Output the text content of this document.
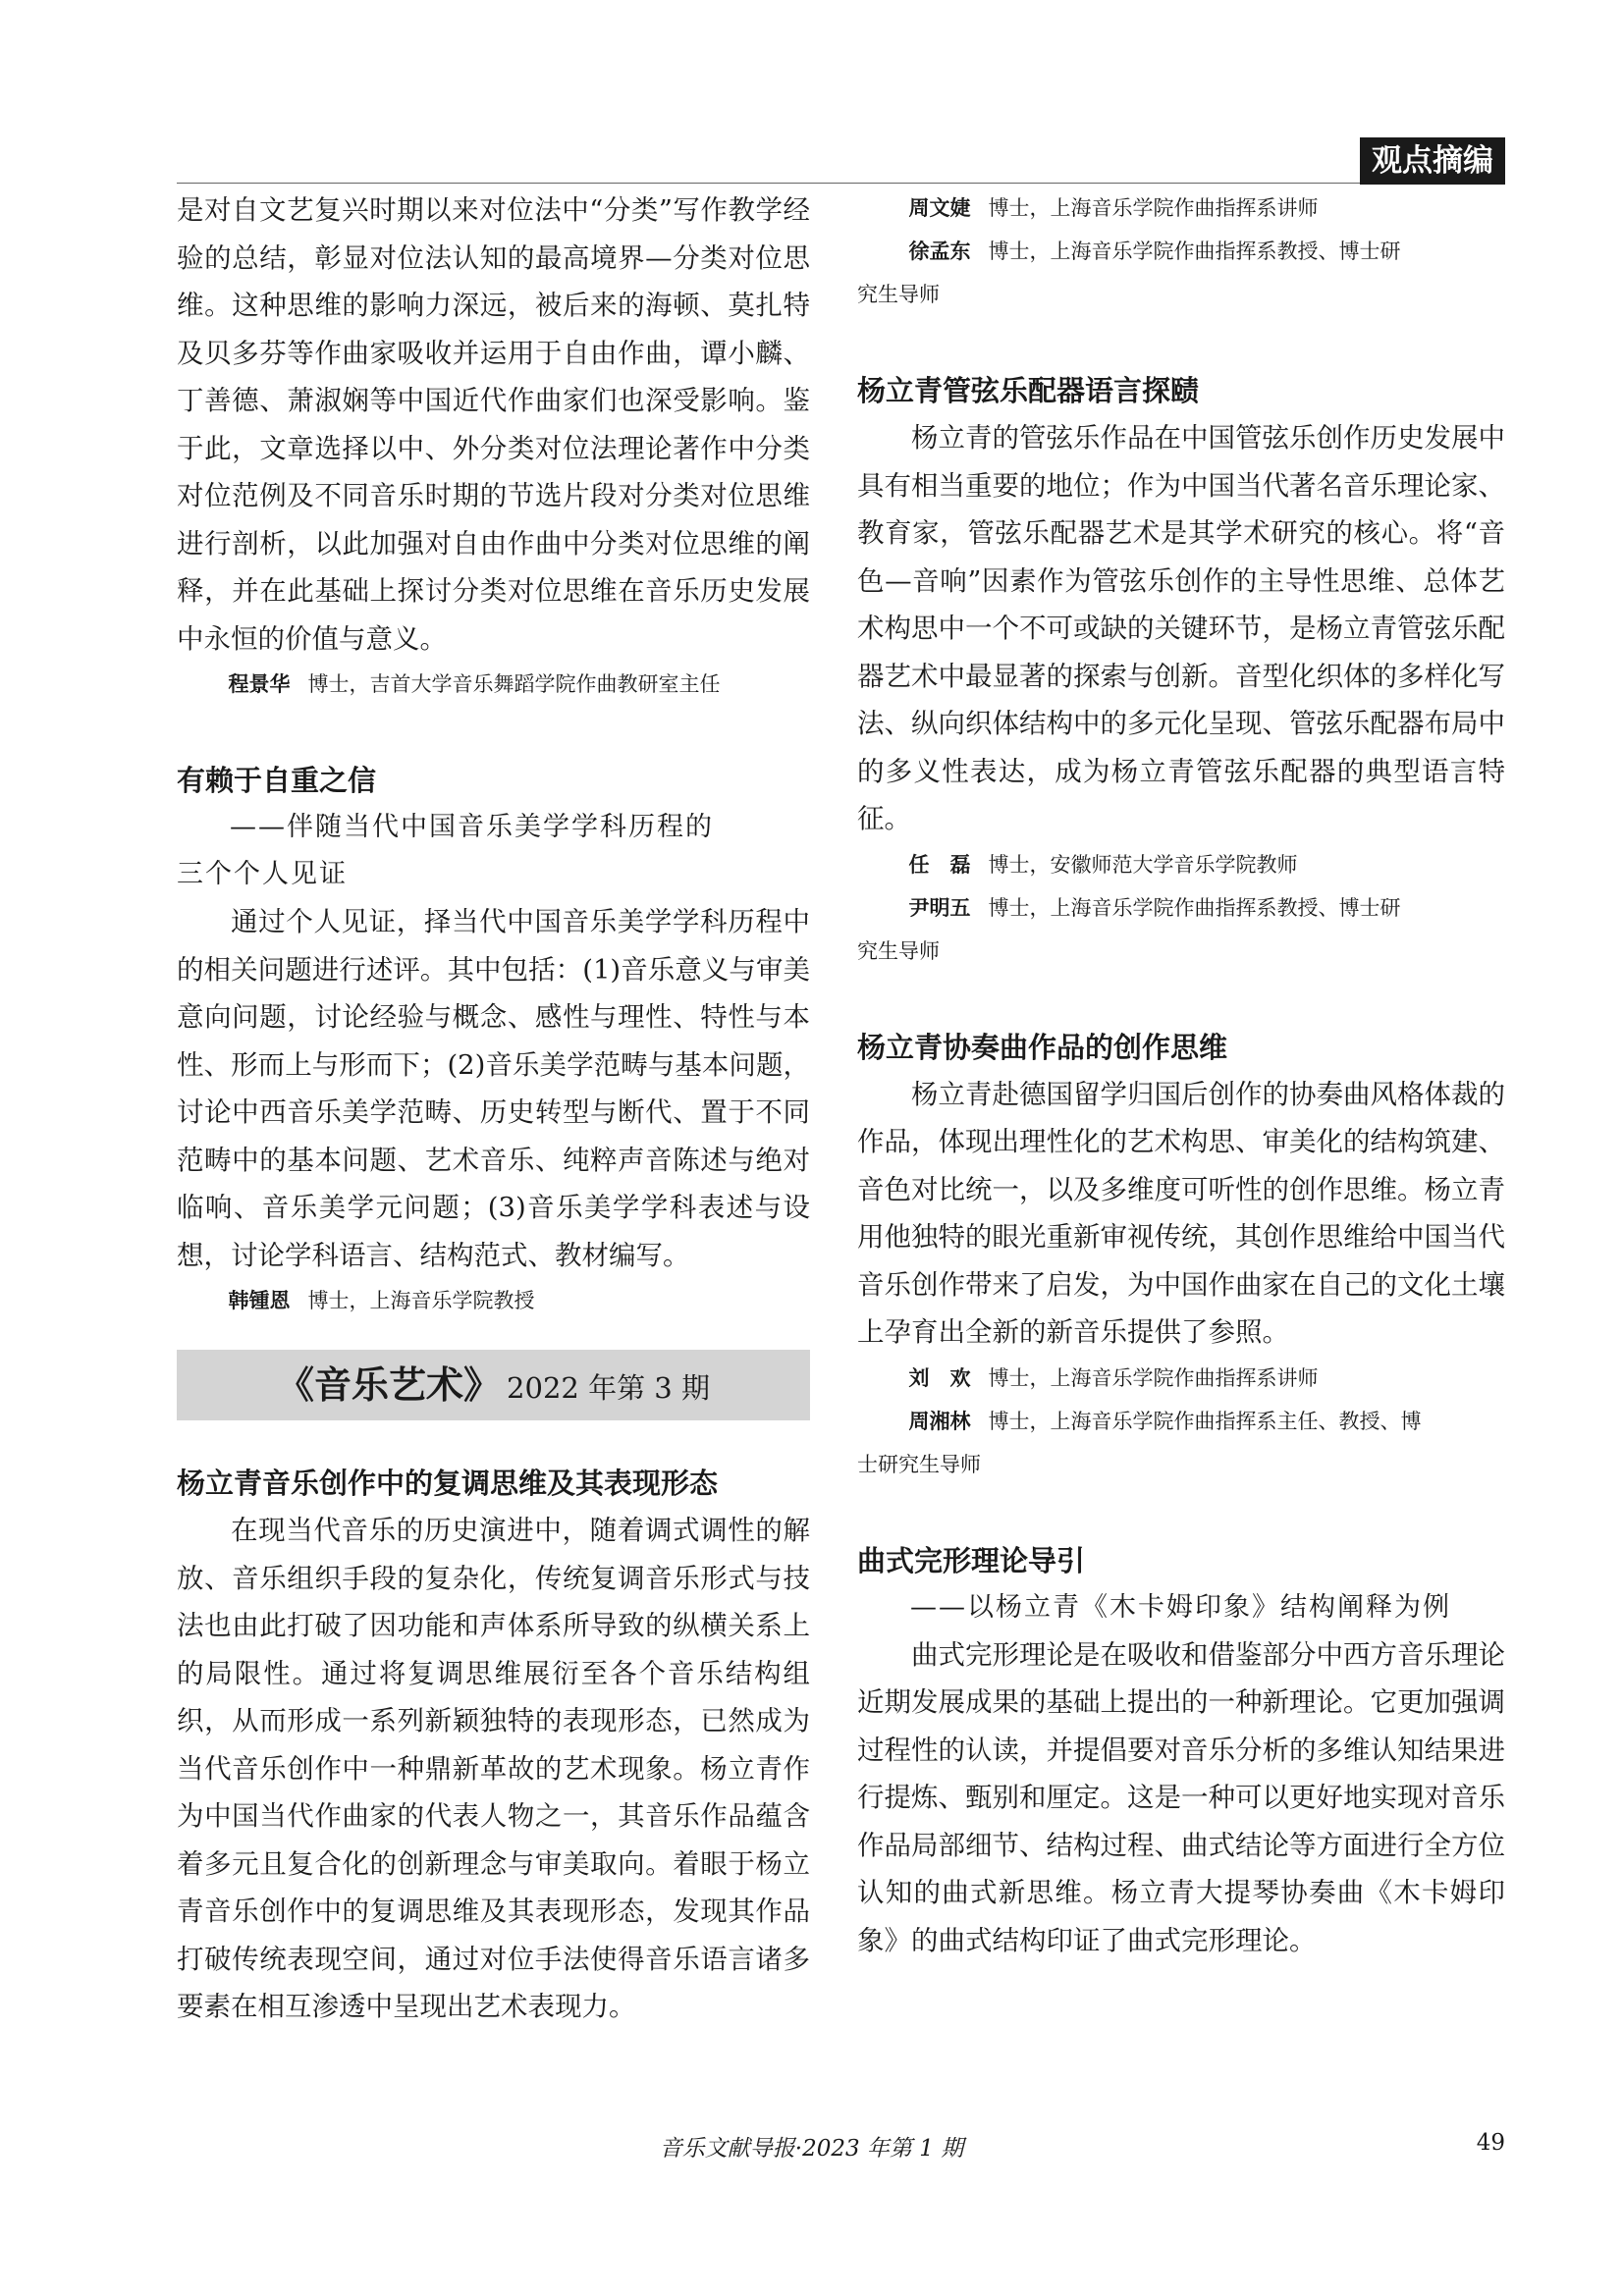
观点摘编

是对自文艺复兴时期以来对位法中“分类”写作教学经验的总结，彰显对位法认知的最高境界—分类对位思维。这种思维的影响力深远，被后来的海顿、莫扎特及贝多芬等作曲家吸收并运用于自由作曲，谭小麟、丁善德、萧淑娴等中国近代作曲家们也深受影响。鉴于此，文章选择以中、外分类对位法理论著作中分类对位范例及不同音乐时期的节选片段对分类对位思维进行剖析，以此加强对自由作曲中分类对位思维的阐释，并在此基础上探讨分类对位思维在音乐历史发展中永恒的价值与意义。

程景华 博士，吉首大学音乐舞蹈学院作曲教研室主任

有赖于自重之信

——伴随当代中国音乐美学学科历程的

三个个人见证

通过个人见证，择当代中国音乐美学学科历程中的相关问题进行述评。其中包括：(1)音乐意义与审美意向问题，讨论经验与概念、感性与理性、特性与本性、形而上与形而下；(2)音乐美学范畴与基本问题，讨论中西音乐美学范畴、历史转型与断代、置于不同范畴中的基本问题、艺术音乐、纯粹声音陈述与绝对临响、音乐美学元问题；(3)音乐美学学科表述与设想，讨论学科语言、结构范式、教材编写。

韩锺恩 博士，上海音乐学院教授

《音乐艺术》 2022 年第 3 期

杨立青音乐创作中的复调思维及其表现形态

在现当代音乐的历史演进中，随着调式调性的解放、音乐组织手段的复杂化，传统复调音乐形式与技法也由此打破了因功能和声体系所导致的纵横关系上的局限性。通过将复调思维展衍至各个音乐结构组织，从而形成一系列新颖独特的表现形态，已然成为当代音乐创作中一种鼎新革故的艺术现象。杨立青作为中国当代作曲家的代表人物之一，其音乐作品蕴含着多元且复合化的创新理念与审美取向。着眼于杨立青音乐创作中的复调思维及其表现形态，发现其作品打破传统表现空间，通过对位手法使得音乐语言诸多要素在相互渗透中呈现出艺术表现力。

周文婕 博士，上海音乐学院作曲指挥系讲师

徐孟东 博士，上海音乐学院作曲指挥系教授、博士研
究生导师

杨立青管弦乐配器语言探赜

杨立青的管弦乐作品在中国管弦乐创作历史发展中具有相当重要的地位；作为中国当代著名音乐理论家、教育家，管弦乐配器艺术是其学术研究的核心。将“音色—音响”因素作为管弦乐创作的主导性思维、总体艺术构思中一个不可或缺的关键环节，是杨立青管弦乐配器艺术中最显著的探索与创新。音型化织体的多样化写法、纵向织体结构中的多元化呈现、管弦乐配器布局中的多义性表达，成为杨立青管弦乐配器的典型语言特征。

任　磊 博士，安徽师范大学音乐学院教师

尹明五 博士，上海音乐学院作曲指挥系教授、博士研
究生导师

杨立青协奏曲作品的创作思维

杨立青赴德国留学归国后创作的协奏曲风格体裁的作品，体现出理性化的艺术构思、审美化的结构筑建、音色对比统一，以及多维度可听性的创作思维。杨立青用他独特的眼光重新审视传统，其创作思维给中国当代音乐创作带来了启发，为中国作曲家在自己的文化土壤上孕育出全新的新音乐提供了参照。

刘　欢 博士，上海音乐学院作曲指挥系讲师

周湘林 博士，上海音乐学院作曲指挥系主任、教授、博
士研究生导师

曲式完形理论导引

——以杨立青《木卡姆印象》结构阐释为例

曲式完形理论是在吸收和借鉴部分中西方音乐理论近期发展成果的基础上提出的一种新理论。它更加强调过程性的认读，并提倡要对音乐分析的多维认知结果进行提炼、甄别和厘定。这是一种可以更好地实现对音乐作品局部细节、结构过程、曲式结论等方面进行全方位认知的曲式新思维。杨立青大提琴协奏曲《木卡姆印象》的曲式结构印证了曲式完形理论。

音乐文献导报·2023 年第 1 期	49
